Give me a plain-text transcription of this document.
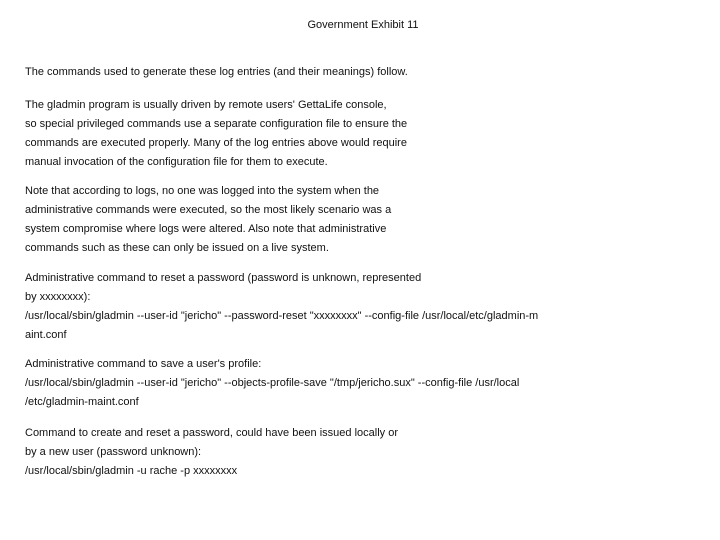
Government Exhibit 11
The commands used to generate these log entries (and their meanings) follow.
The gladmin program is usually driven by remote users' GettaLife console,
so special privileged commands use a separate configuration file to ensure the
commands are executed properly. Many of the log entries above would require
manual invocation of the configuration file for them to execute.
Note that according to logs, no one was logged into the system when the
administrative commands were executed, so the most likely scenario was a
system compromise where logs were altered. Also note that administrative
commands such as these can only be issued on a live system.
Administrative command to reset a password (password is unknown, represented
by xxxxxxxx):
/usr/local/sbin/gladmin --user-id "jericho" --password-reset "xxxxxxxx" --config-file /usr/local/etc/gladmin-m
aint.conf
Administrative command to save a user's profile:
/usr/local/sbin/gladmin --user-id "jericho" --objects-profile-save "/tmp/jericho.sux" --config-file /usr/local
/etc/gladmin-maint.conf
Command to create and reset a password, could have been issued locally or
by a new user (password unknown):
/usr/local/sbin/gladmin -u rache -p xxxxxxxx
